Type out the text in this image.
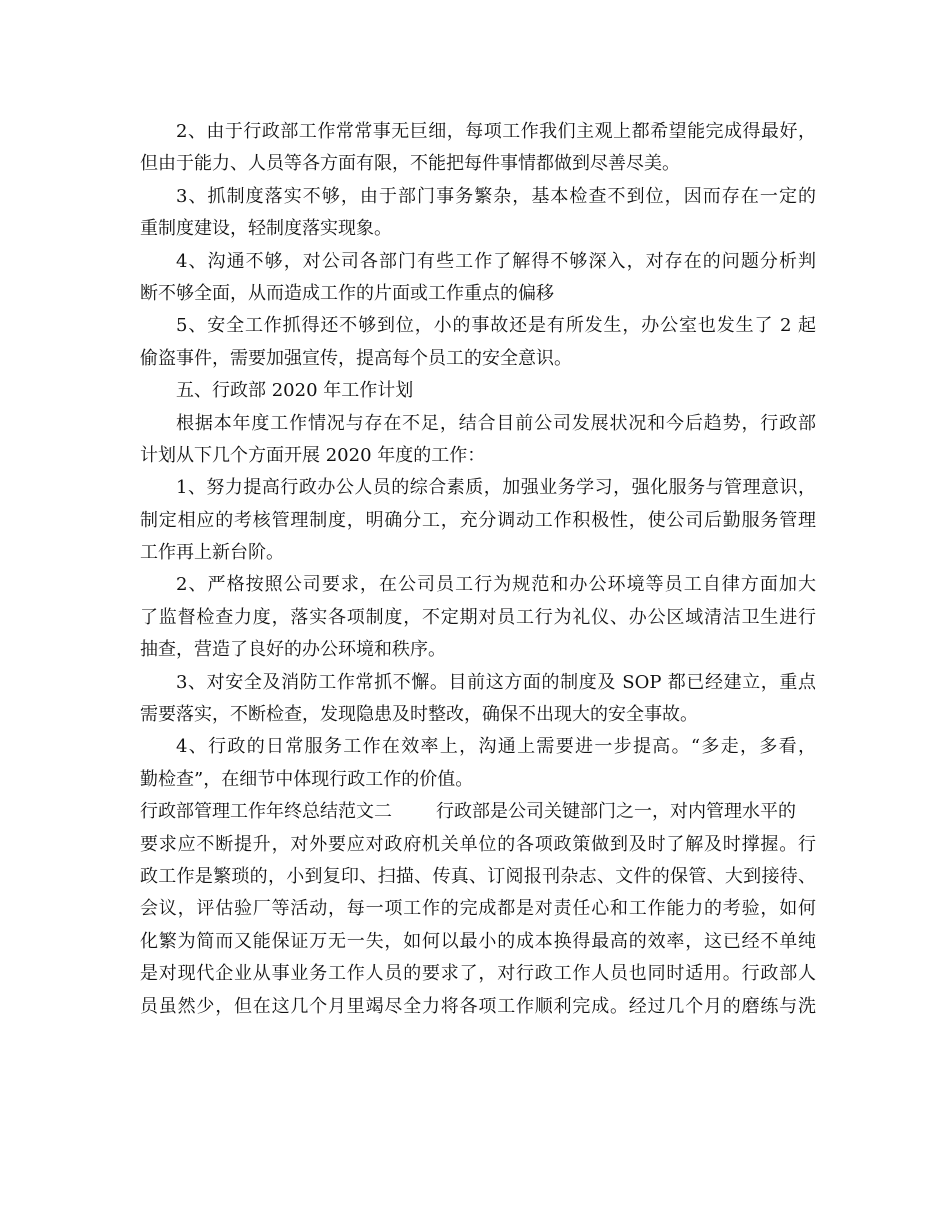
2、由于行政部工作常常事无巨细，每项工作我们主观上都希望能完成得最好，
但由于能力、人员等各方面有限，不能把每件事情都做到尽善尽美。
3、抓制度落实不够，由于部门事务繁杂，基本检查不到位，因而存在一定的
重制度建设，轻制度落实现象。
4、沟通不够，对公司各部门有些工作了解得不够深入，对存在的问题分析判
断不够全面，从而造成工作的片面或工作重点的偏移
5、安全工作抓得还不够到位，小的事故还是有所发生，办公室也发生了 2 起
偷盗事件，需要加强宣传，提高每个员工的安全意识。
五、行政部 2020 年工作计划
根据本年度工作情况与存在不足，结合目前公司发展状况和今后趋势，行政部
计划从下几个方面开展 2020 年度的工作：
1、努力提高行政办公人员的综合素质，加强业务学习，强化服务与管理意识，
制定相应的考核管理制度，明确分工，充分调动工作积极性，使公司后勤服务管理
工作再上新台阶。
2、严格按照公司要求，在公司员工行为规范和办公环境等员工自律方面加大
了监督检查力度，落实各项制度，不定期对员工行为礼仪、办公区域清洁卫生进行
抽查，营造了良好的办公环境和秩序。
3、对安全及消防工作常抓不懈。目前这方面的制度及 SOP 都已经建立，重点
需要落实，不断检查，发现隐患及时整改，确保不出现大的安全事故。
4、行政的日常服务工作在效率上，沟通上需要进一步提高。“多走，多看，
勤检查”，在细节中体现行政工作的价值。
行政部管理工作年终总结范文二 行政部是公司关键部门之一，对内管理水平的
要求应不断提升，对外要应对政府机关单位的各项政策做到及时了解及时撑握。行
政工作是繁琐的，小到复印、扫描、传真、订阅报刊杂志、文件的保管、大到接待、
会议，评估验厂等活动，每一项工作的完成都是对责任心和工作能力的考验，如何
化繁为简而又能保证万无一失，如何以最小的成本换得最高的效率，这已经不单纯
是对现代企业从事业务工作人员的要求了，对行政工作人员也同时适用。行政部人
员虽然少，但在这几个月里竭尽全力将各项工作顺利完成。经过几个月的磨练与洗
